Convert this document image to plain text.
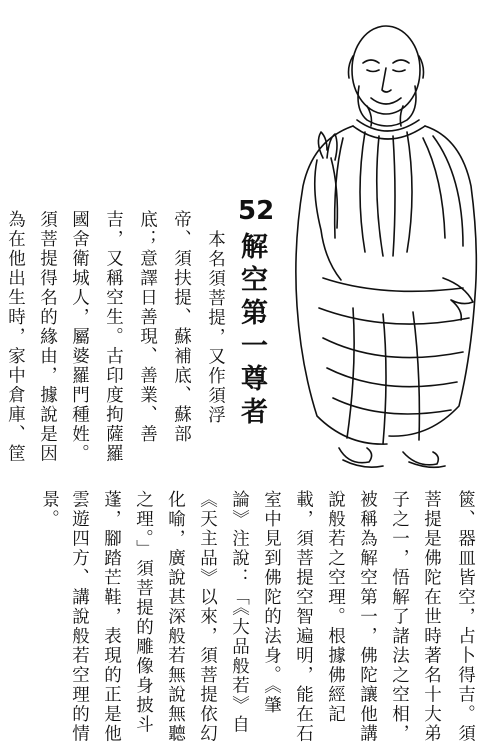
52
解空第一尊者
本名須菩提，又作須浮
帝、須扶提、蘇補底、蘇部
底；意譯日善現、善業、善
吉，又稱空生。古印度拘薩羅
國舍衛城人，屬婆羅門種姓。
須菩提得名的緣由，據說是因
為在他出生時，家中倉庫、筐
篋、器皿皆空，占卜得吉。須
菩提是佛陀在世時著名十大弟
子之一，悟解了諸法之空相，
被稱為解空第一，佛陀讓他講
說般若之空理。根據佛經記
載，須菩提空智遍明，能在石
室中見到佛陀的法身。《肇
論》注說：「《大品般若》自
《天主品》以來，須菩提依幻
化喻，廣說甚深般若無說無聽
之理。」須菩提的雕像身披斗
蓬，腳踏芒鞋，表現的正是他
雲遊四方、講說般若空理的情
景。
